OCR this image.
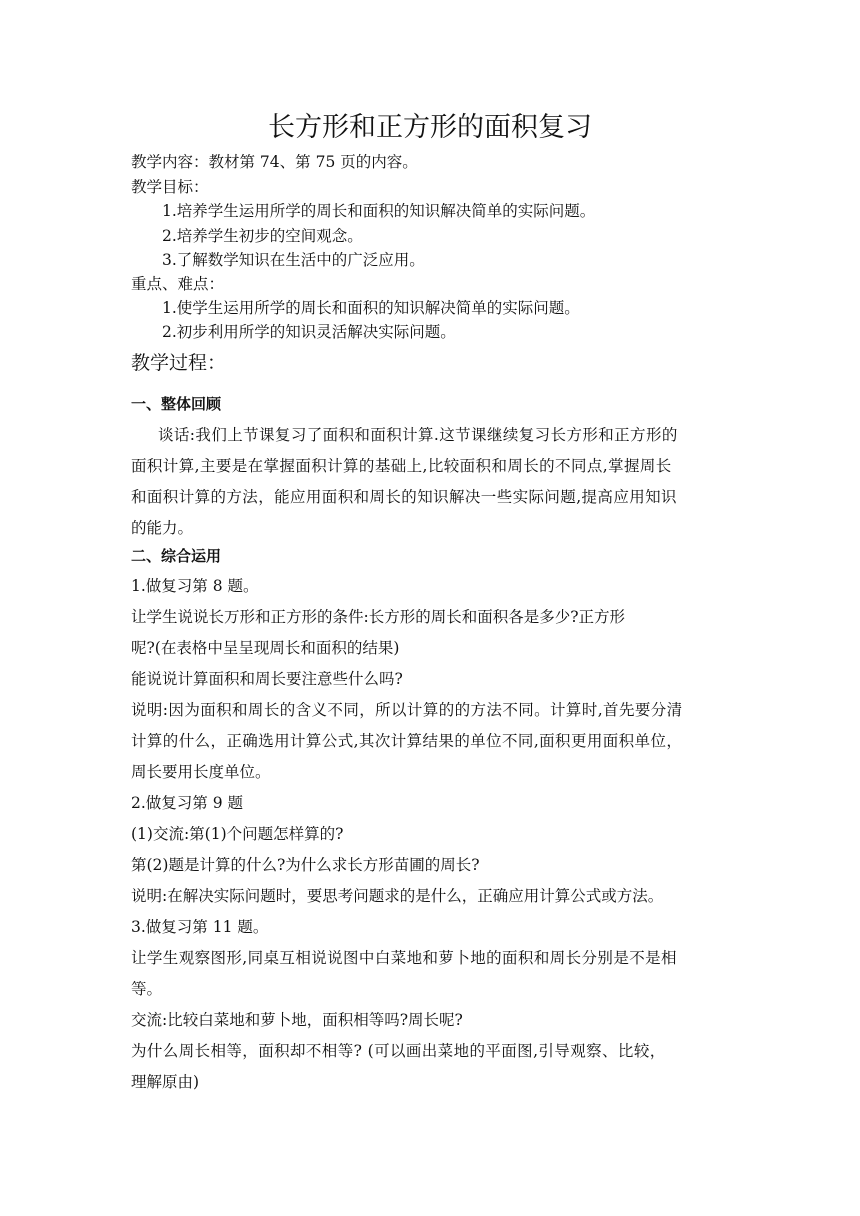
长方形和正方形的面积复习
教学内容：教材第 74、第 75 页的内容。
教学目标：
1.培养学生运用所学的周长和面积的知识解决简单的实际问题。
2.培养学生初步的空间观念。
3.了解数学知识在生活中的广泛应用。
重点、难点：
1.使学生运用所学的周长和面积的知识解决简单的实际问题。
2.初步利用所学的知识灵活解决实际问题。
教学过程：
一、整体回顾
谈话:我们上节课复习了面积和面积计算.这节课继续复习长方形和正方形的
面积计算,主要是在掌握面积计算的基础上,比较面积和周长的不同点,掌握周长
和面积计算的方法，能应用面积和周长的知识解决一些实际问题,提高应用知识
的能力。
二、综合运用
1.做复习第 8 题。
让学生说说长万形和正方形的条件:长方形的周长和面积各是多少?正方形
呢?(在表格中呈呈现周长和面积的结果)
能说说计算面积和周长要注意些什么吗?
说明:因为面积和周长的含义不同，所以计算的的方法不同。计算时,首先要分清
计算的什么，正确选用计算公式,其次计算结果的单位不同,面积更用面积单位，
周长要用长度单位。
2.做复习第 9 题
(1)交流:第(1)个问题怎样算的?
第(2)题是计算的什么?为什么求长方形苗圃的周长?
说明:在解决实际问题时，要思考问题求的是什么，正确应用计算公式或方法。
3.做复习第 11 题。
让学生观察图形,同桌互相说说图中白菜地和萝卜地的面积和周长分别是不是相
等。
交流:比较白菜地和萝卜地，面积相等吗?周长呢?
为什么周长相等，面积却不相等? (可以画出菜地的平面图,引导观察、比较，
理解原由)
